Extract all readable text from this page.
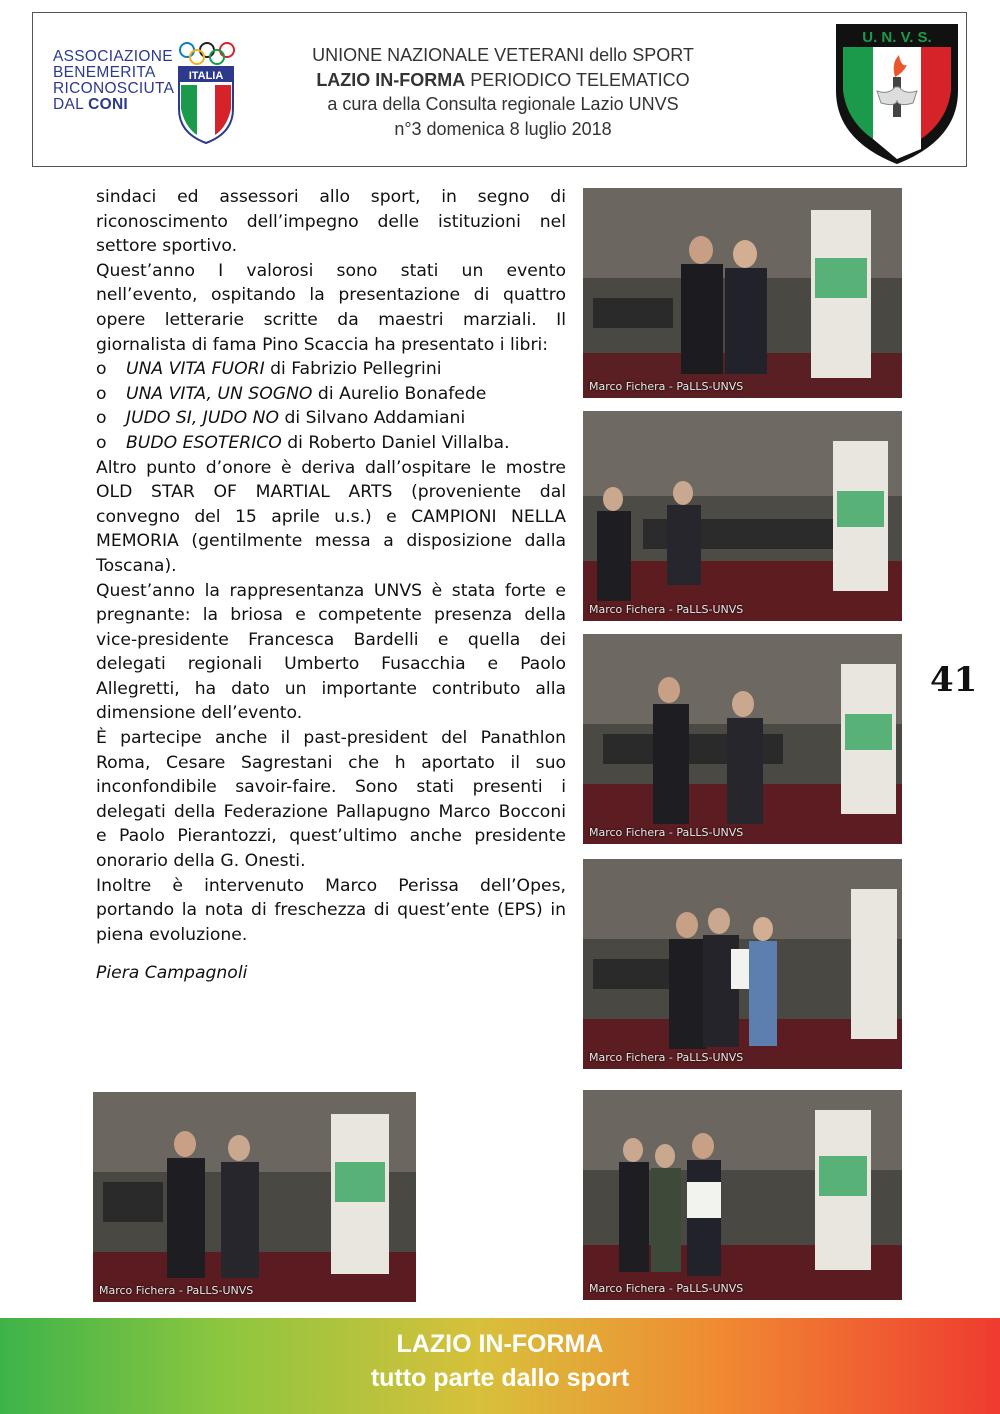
ASSOCIAZIONE
BENEMERITA
RICONOSCIUTA
DAL CONI
ITALIA
UNIONE NAZIONALE VETERANI dello SPORT
LAZIO IN-FORMA PERIODICO TELEMATICO
a cura della Consulta regionale Lazio UNVS
n°3 domenica 8 luglio 2018
U. N. V. S.

sindaci ed assessori allo sport, in segno di riconoscimento dell’impegno delle istituzioni nel settore sportivo.

Quest’anno I valorosi sono stati un evento nell’evento, ospitando la presentazione di quattro opere letterarie scritte da maestri marziali. Il giornalista di fama Pino Scaccia ha presentato i libri:

o UNA VITA FUORI di Fabrizio Pellegrini
o UNA VITA, UN SOGNO di Aurelio Bonafede
o JUDO SI, JUDO NO di Silvano Addamiani
o BUDO ESOTERICO di Roberto Daniel Villalba.

Altro punto d’onore è deriva dall’ospitare le mostre OLD STAR OF MARTIAL ARTS (proveniente dal convegno del 15 aprile u.s.) e CAMPIONI NELLA MEMORIA (gentilmente messa a disposizione dalla Toscana).

Quest’anno la rappresentanza UNVS è stata forte e pregnante: la briosa e competente presenza della vice-presidente Francesca Bardelli e quella dei delegati regionali Umberto Fusacchia e Paolo Allegretti, ha dato un importante contributo alla dimensione dell’evento.

È partecipe anche il past-president del Panathlon Roma, Cesare Sagrestani che h aportato il suo inconfondibile savoir-faire. Sono stati presenti i delegati della Federazione Pallapugno Marco Bocconi e Paolo Pierantozzi, quest’ultimo anche presidente onorario della G. Onesti.

Inoltre è intervenuto Marco Perissa dell’Opes, portando la nota di freschezza di quest’ente (EPS) in piena evoluzione.

Piera Campagnoli

Marco Fichera - PaLLS-UNVS
Marco Fichera - PaLLS-UNVS
Marco Fichera - PaLLS-UNVS
Marco Fichera - PaLLS-UNVS
Marco Fichera - PaLLS-UNVS	Marco Fichera - PaLLS-UNVS
41
LAZIO IN-FORMA
tutto parte dallo sport
